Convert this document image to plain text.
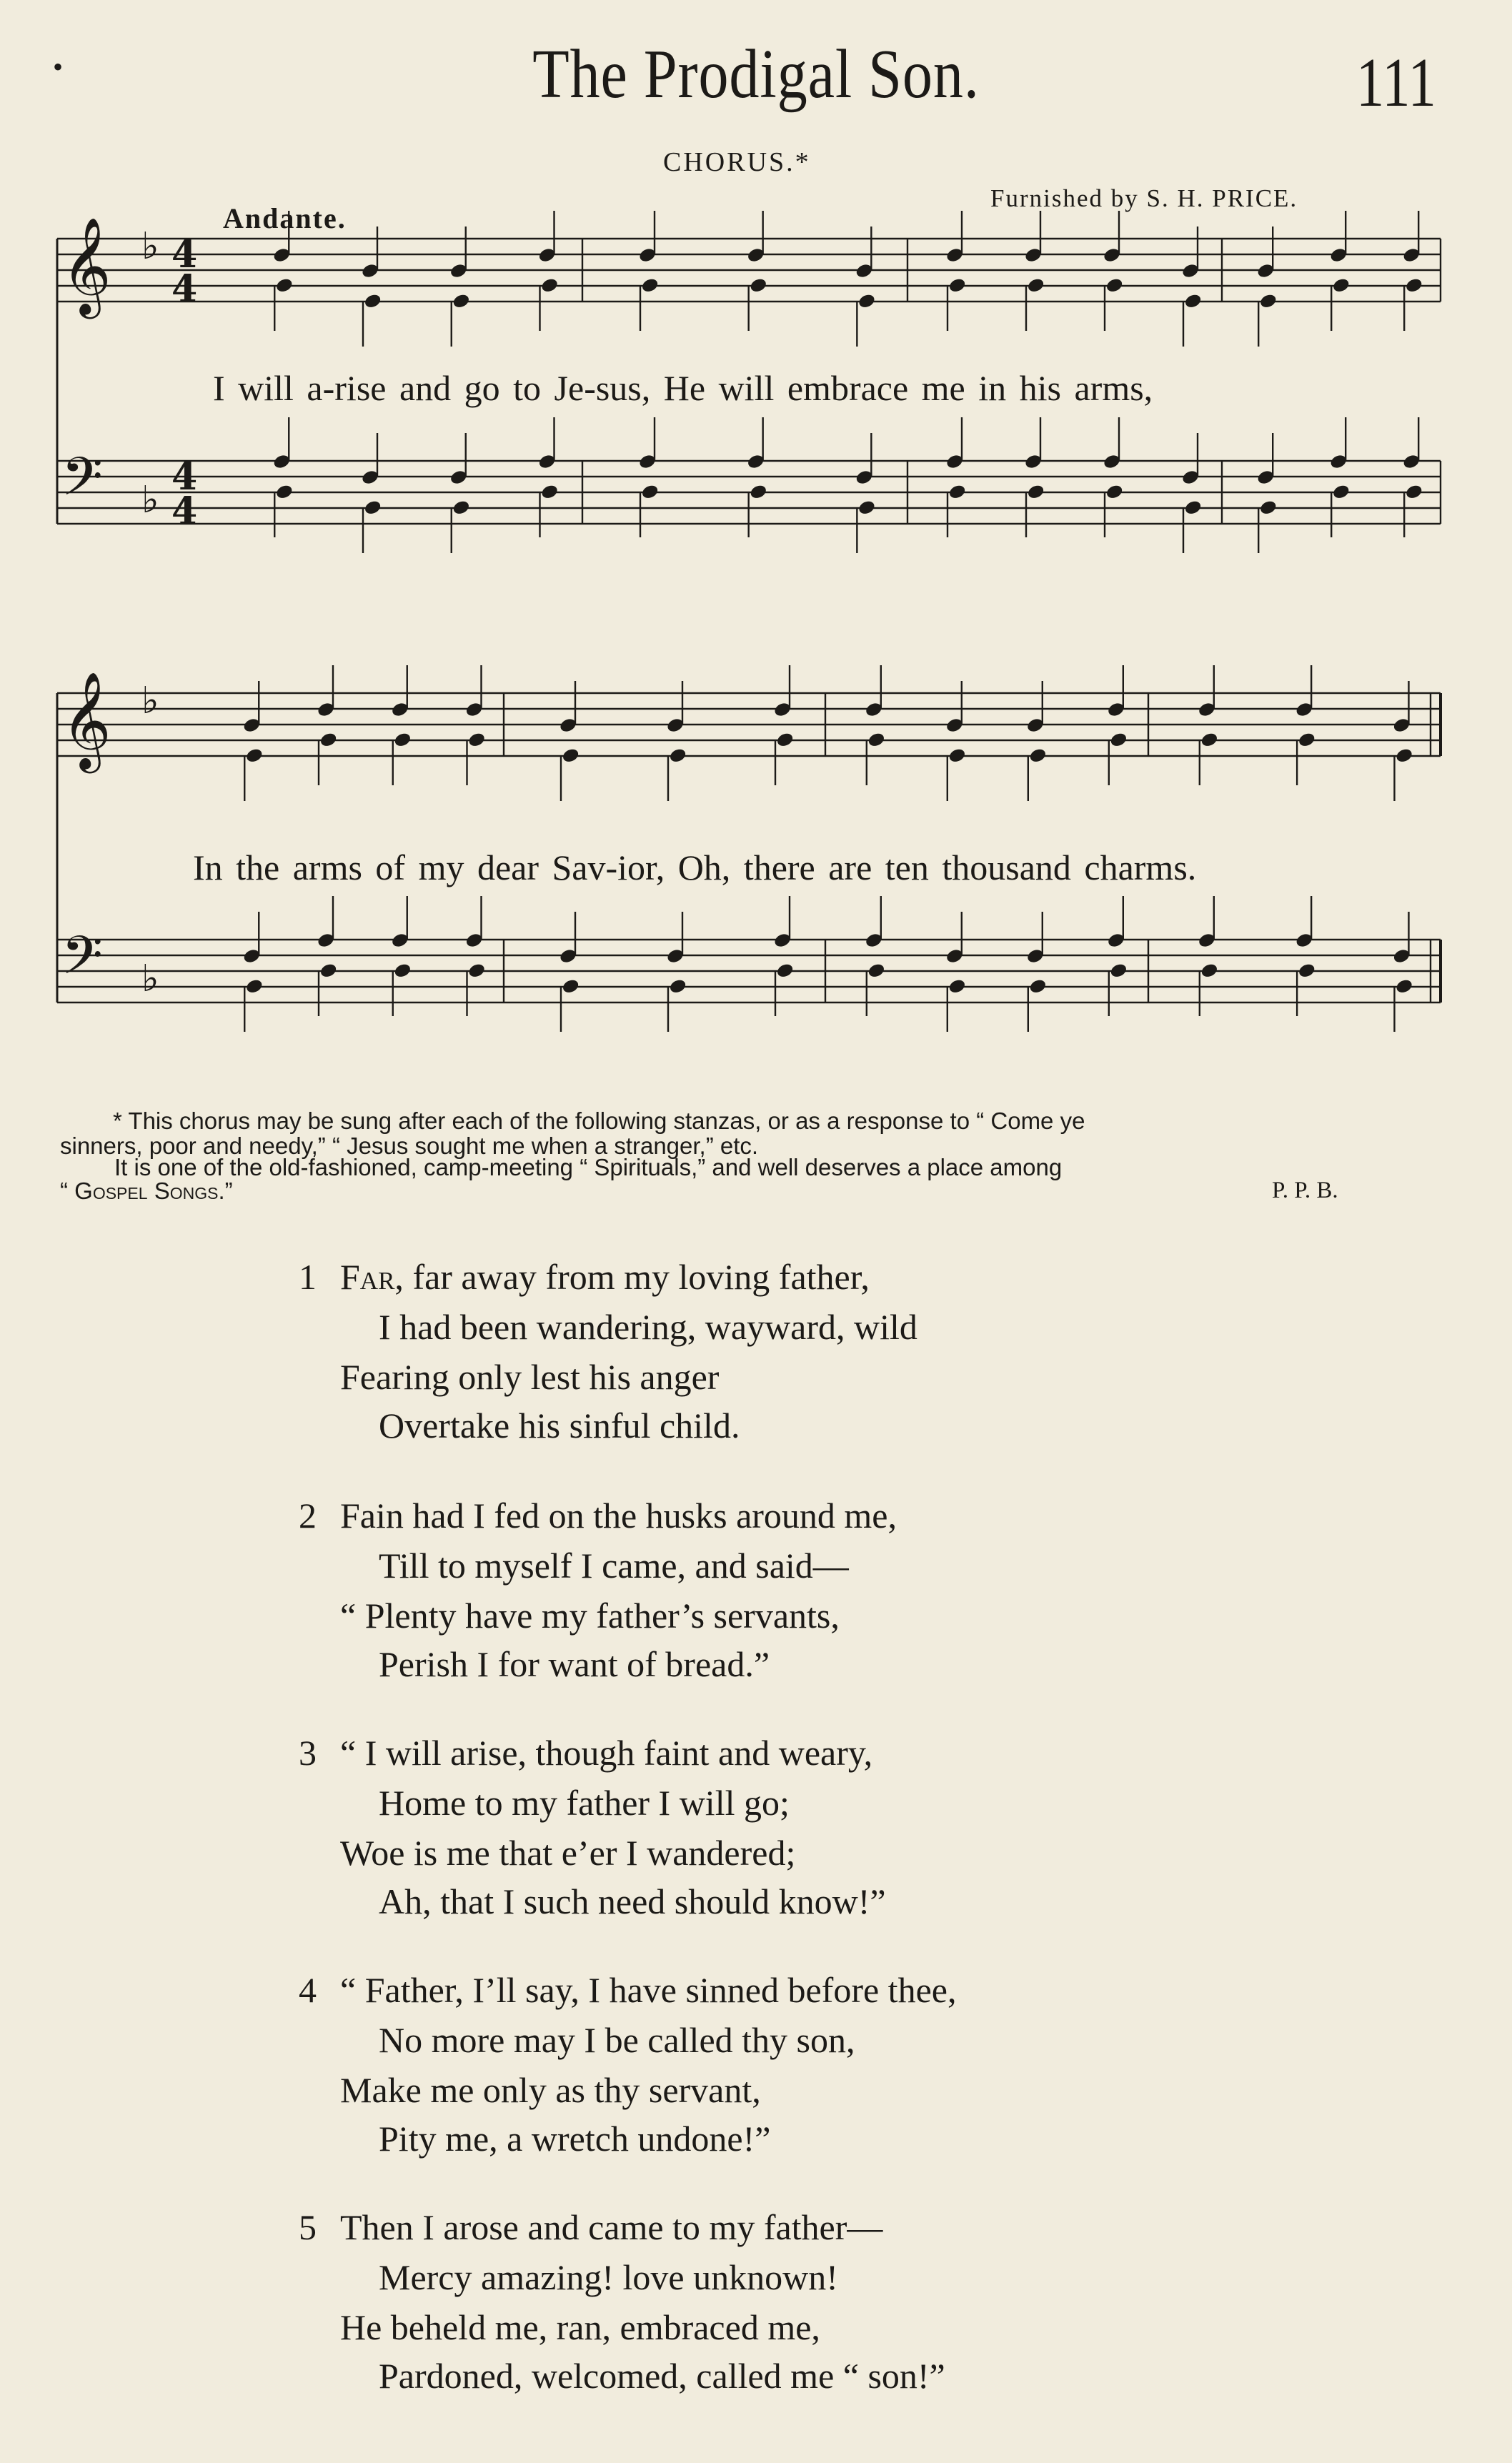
•	The Prodigal Son.	111
CHORUS.*
Furnished by S. H. PRICE.
Andante.
𝄞 ♭ 4
4
𝄢 ♭
4
4
𝄞 ♭
𝄢 ♭
I will a-rise and go to Je-sus, He will embrace me in his arms,
In the arms of my dear Sav-ior, Oh, there are ten thousand charms.
* This chorus may be sung after each of the following stanzas, or as a response to “ Come ye
sinners, poor and needy,” “ Jesus sought me when a stranger,” etc.
It is one of the old-fashioned, camp-meeting “ Spirituals,” and well deserves a place among
“ Gospel Songs.”	P. P. B.
1 Far, far away from my loving father,
I had been wandering, wayward, wild
Fearing only lest his anger
Overtake his sinful child.
2 Fain had I fed on the husks around me,
Till to myself I came, and said—
“ Plenty have my father’s servants,
Perish I for want of bread.”
3 “ I will arise, though faint and weary,
Home to my father I will go;
Woe is me that e’er I wandered;
Ah, that I such need should know!”
4 “ Father, I’ll say, I have sinned before thee,
No more may I be called thy son,
Make me only as thy servant,
Pity me, a wretch undone!”
5 Then I arose and came to my father—
Mercy amazing! love unknown!
He beheld me, ran, embraced me,
Pardoned, welcomed, called me “ son!”
